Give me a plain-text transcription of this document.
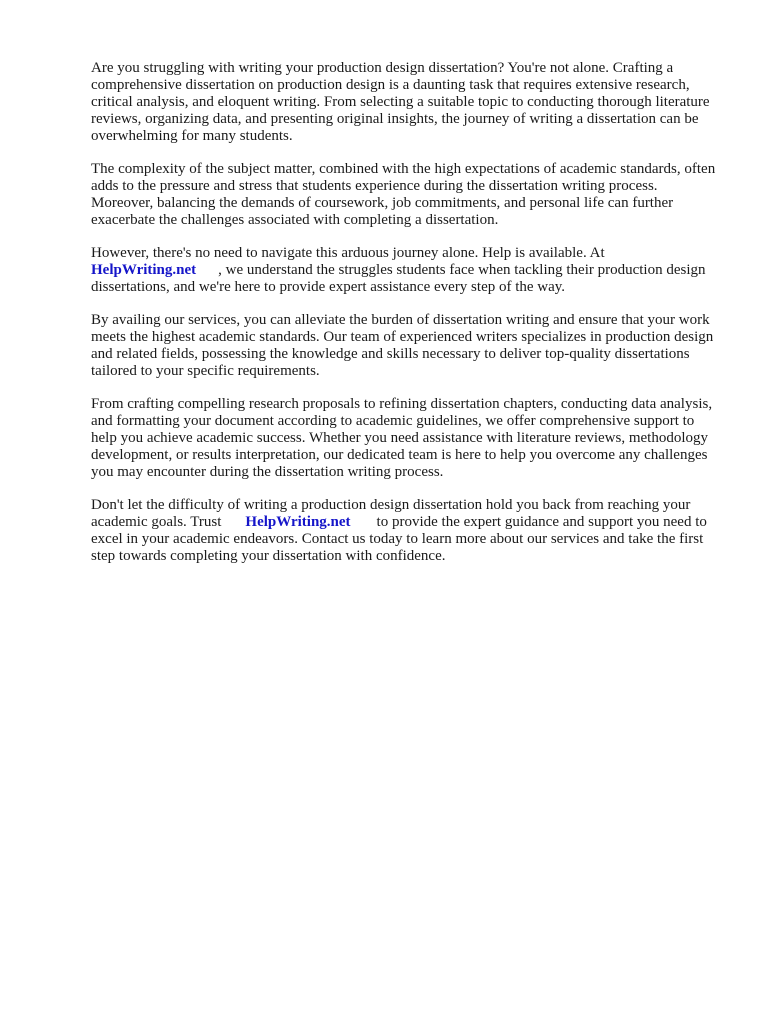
Are you struggling with writing your production design dissertation? You're not alone. Crafting a comprehensive dissertation on production design is a daunting task that requires extensive research, critical analysis, and eloquent writing. From selecting a suitable topic to conducting thorough literature reviews, organizing data, and presenting original insights, the journey of writing a dissertation can be overwhelming for many students.

The complexity of the subject matter, combined with the high expectations of academic standards, often adds to the pressure and stress that students experience during the dissertation writing process. Moreover, balancing the demands of coursework, job commitments, and personal life can further exacerbate the challenges associated with completing a dissertation.

However, there's no need to navigate this arduous journey alone. Help is available. At
HelpWriting.net , we understand the struggles students face when tackling their production design dissertations, and we're here to provide expert assistance every step of the way.

By availing our services, you can alleviate the burden of dissertation writing and ensure that your work meets the highest academic standards. Our team of experienced writers specializes in production design and related fields, possessing the knowledge and skills necessary to deliver top-quality dissertations tailored to your specific requirements.

From crafting compelling research proposals to refining dissertation chapters, conducting data analysis, and formatting your document according to academic guidelines, we offer comprehensive support to help you achieve academic success. Whether you need assistance with literature reviews, methodology development, or results interpretation, our dedicated team is here to help you overcome any challenges you may encounter during the dissertation writing process.

Don't let the difficulty of writing a production design dissertation hold you back from reaching your academic goals. Trust HelpWriting.net to provide the expert guidance and support you need to excel in your academic endeavors. Contact us today to learn more about our services and take the first step towards completing your dissertation with confidence.
